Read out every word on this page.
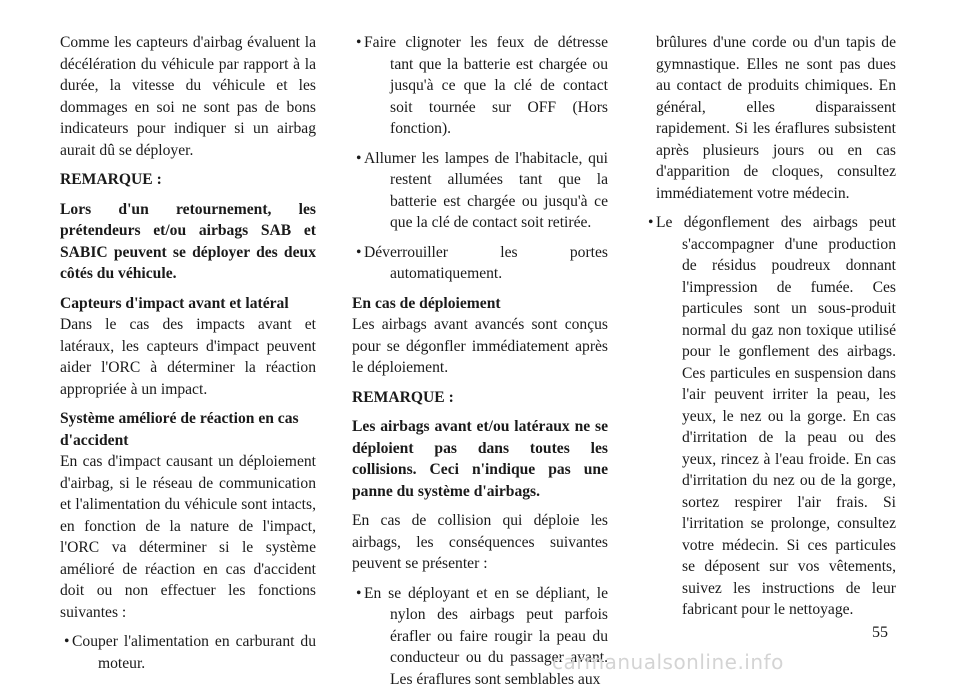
Comme les capteurs d'airbag évaluent la décélération du véhicule par rapport à la durée, la vitesse du véhicule et les dommages en soi ne sont pas de bons indicateurs pour indiquer si un airbag aurait dû se déployer.

REMARQUE :

Lors d'un retournement, les prétendeurs et/ou airbags SAB et SABIC peuvent se déployer des deux côtés du véhicule.

Capteurs d'impact avant et latéral

Dans le cas des impacts avant et latéraux, les capteurs d'impact peuvent aider l'ORC à déterminer la réaction appropriée à un impact.

Système amélioré de réaction en cas d'accident

En cas d'impact causant un déploiement d'airbag, si le réseau de communication et l'alimentation du véhicule sont intacts, en fonction de la nature de l'impact, l'ORC va déterminer si le système amélioré de réaction en cas d'accident doit ou non effectuer les fonctions suivantes :

• Couper l'alimentation en carburant du moteur.
• Faire clignoter les feux de détresse tant que la batterie est chargée ou jusqu'à ce que la clé de contact soit tournée sur OFF (Hors fonction).
• Allumer les lampes de l'habitacle, qui restent allumées tant que la batterie est chargée ou jusqu'à ce que la clé de contact soit retirée.
• Déverrouiller les portes automatiquement.

En cas de déploiement

Les airbags avant avancés sont conçus pour se dégonfler immédiatement après le déploiement.

REMARQUE :

Les airbags avant et/ou latéraux ne se déploient pas dans toutes les collisions. Ceci n'indique pas une panne du système d'airbags.

En cas de collision qui déploie les airbags, les conséquences suivantes peuvent se présenter :

• En se déployant et en se dépliant, le nylon des airbags peut parfois érafler ou faire rougir la peau du conducteur ou du passager avant. Les éraflures sont semblables aux

brûlures d'une corde ou d'un tapis de gymnastique. Elles ne sont pas dues au contact de produits chimiques. En général, elles disparaissent rapidement. Si les éraflures subsistent après plusieurs jours ou en cas d'apparition de cloques, consultez immédiatement votre médecin.

• Le dégonflement des airbags peut s'accompagner d'une production de résidus poudreux donnant l'impression de fumée. Ces particules sont un sous-produit normal du gaz non toxique utilisé pour le gonflement des airbags. Ces particules en suspension dans l'air peuvent irriter la peau, les yeux, le nez ou la gorge. En cas d'irritation de la peau ou des yeux, rincez à l'eau froide. En cas d'irritation du nez ou de la gorge, sortez respirer l'air frais. Si l'irritation se prolonge, consultez votre médecin. Si ces particules se déposent sur vos vêtements, suivez les instructions de leur fabricant pour le nettoyage.
55
carmanualsonline.info
